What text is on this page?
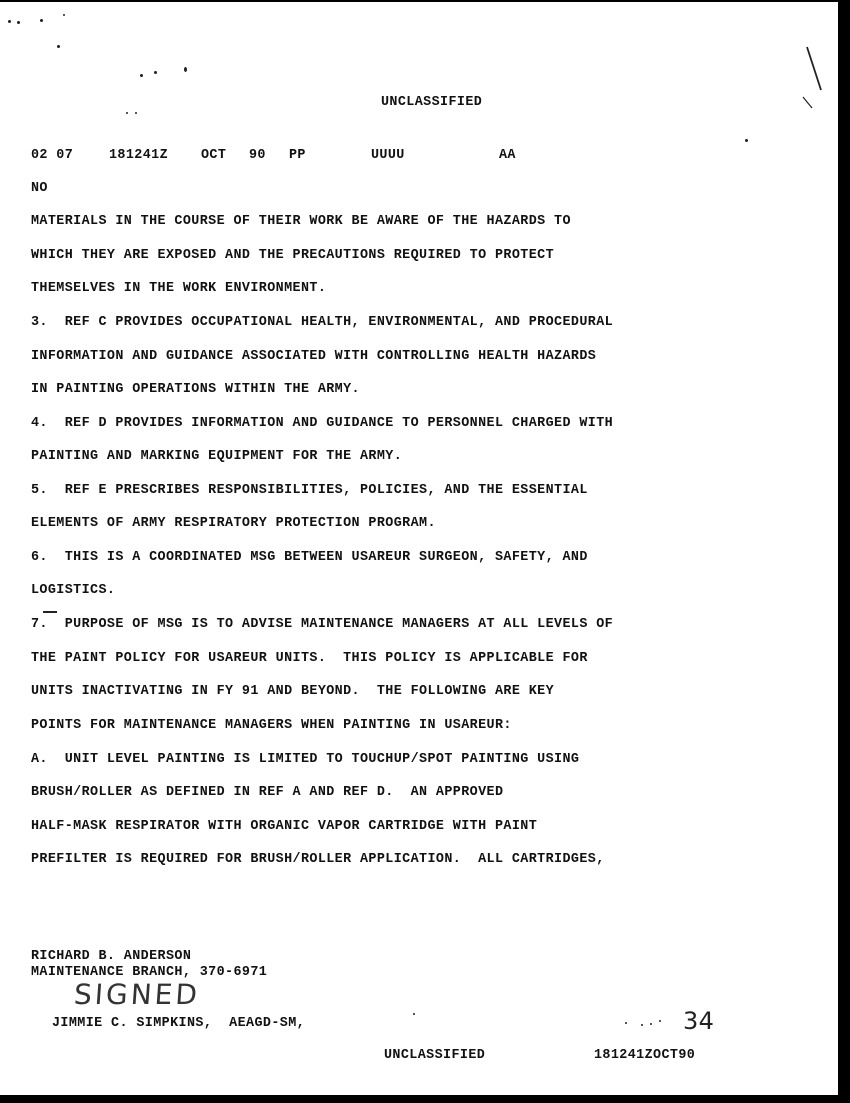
UNCLASSIFIED
02 07	181241Z OCT 90 PP	UUUU	AA
NO
MATERIALS IN THE COURSE OF THEIR WORK BE AWARE OF THE HAZARDS TO
WHICH THEY ARE EXPOSED AND THE PRECAUTIONS REQUIRED TO PROTECT
THEMSELVES IN THE WORK ENVIRONMENT.
3.  REF C PROVIDES OCCUPATIONAL HEALTH, ENVIRONMENTAL, AND PROCEDURAL
INFORMATION AND GUIDANCE ASSOCIATED WITH CONTROLLING HEALTH HAZARDS
IN PAINTING OPERATIONS WITHIN THE ARMY.
4.  REF D PROVIDES INFORMATION AND GUIDANCE TO PERSONNEL CHARGED WITH
PAINTING AND MARKING EQUIPMENT FOR THE ARMY.
5.  REF E PRESCRIBES RESPONSIBILITIES, POLICIES, AND THE ESSENTIAL
ELEMENTS OF ARMY RESPIRATORY PROTECTION PROGRAM.
6.  THIS IS A COORDINATED MSG BETWEEN USAREUR SURGEON, SAFETY, AND
LOGISTICS.
7.  PURPOSE OF MSG IS TO ADVISE MAINTENANCE MANAGERS AT ALL LEVELS OF
THE PAINT POLICY FOR USAREUR UNITS.  THIS POLICY IS APPLICABLE FOR
UNITS INACTIVATING IN FY 91 AND BEYOND.  THE FOLLOWING ARE KEY
POINTS FOR MAINTENANCE MANAGERS WHEN PAINTING IN USAREUR:
A.  UNIT LEVEL PAINTING IS LIMITED TO TOUCHUP/SPOT PAINTING USING
BRUSH/ROLLER AS DEFINED IN REF A AND REF D.  AN APPROVED
HALF-MASK RESPIRATOR WITH ORGANIC VAPOR CARTRIDGE WITH PAINT
PREFILTER IS REQUIRED FOR BRUSH/ROLLER APPLICATION.  ALL CARTRIDGES,
RICHARD B. ANDERSON
MAINTENANCE BRANCH, 370-6971
SIGNED
JIMMIE C. SIMPKINS,  AEAGD-SM,	34
UNCLASSIFIED	181241ZOCT90
